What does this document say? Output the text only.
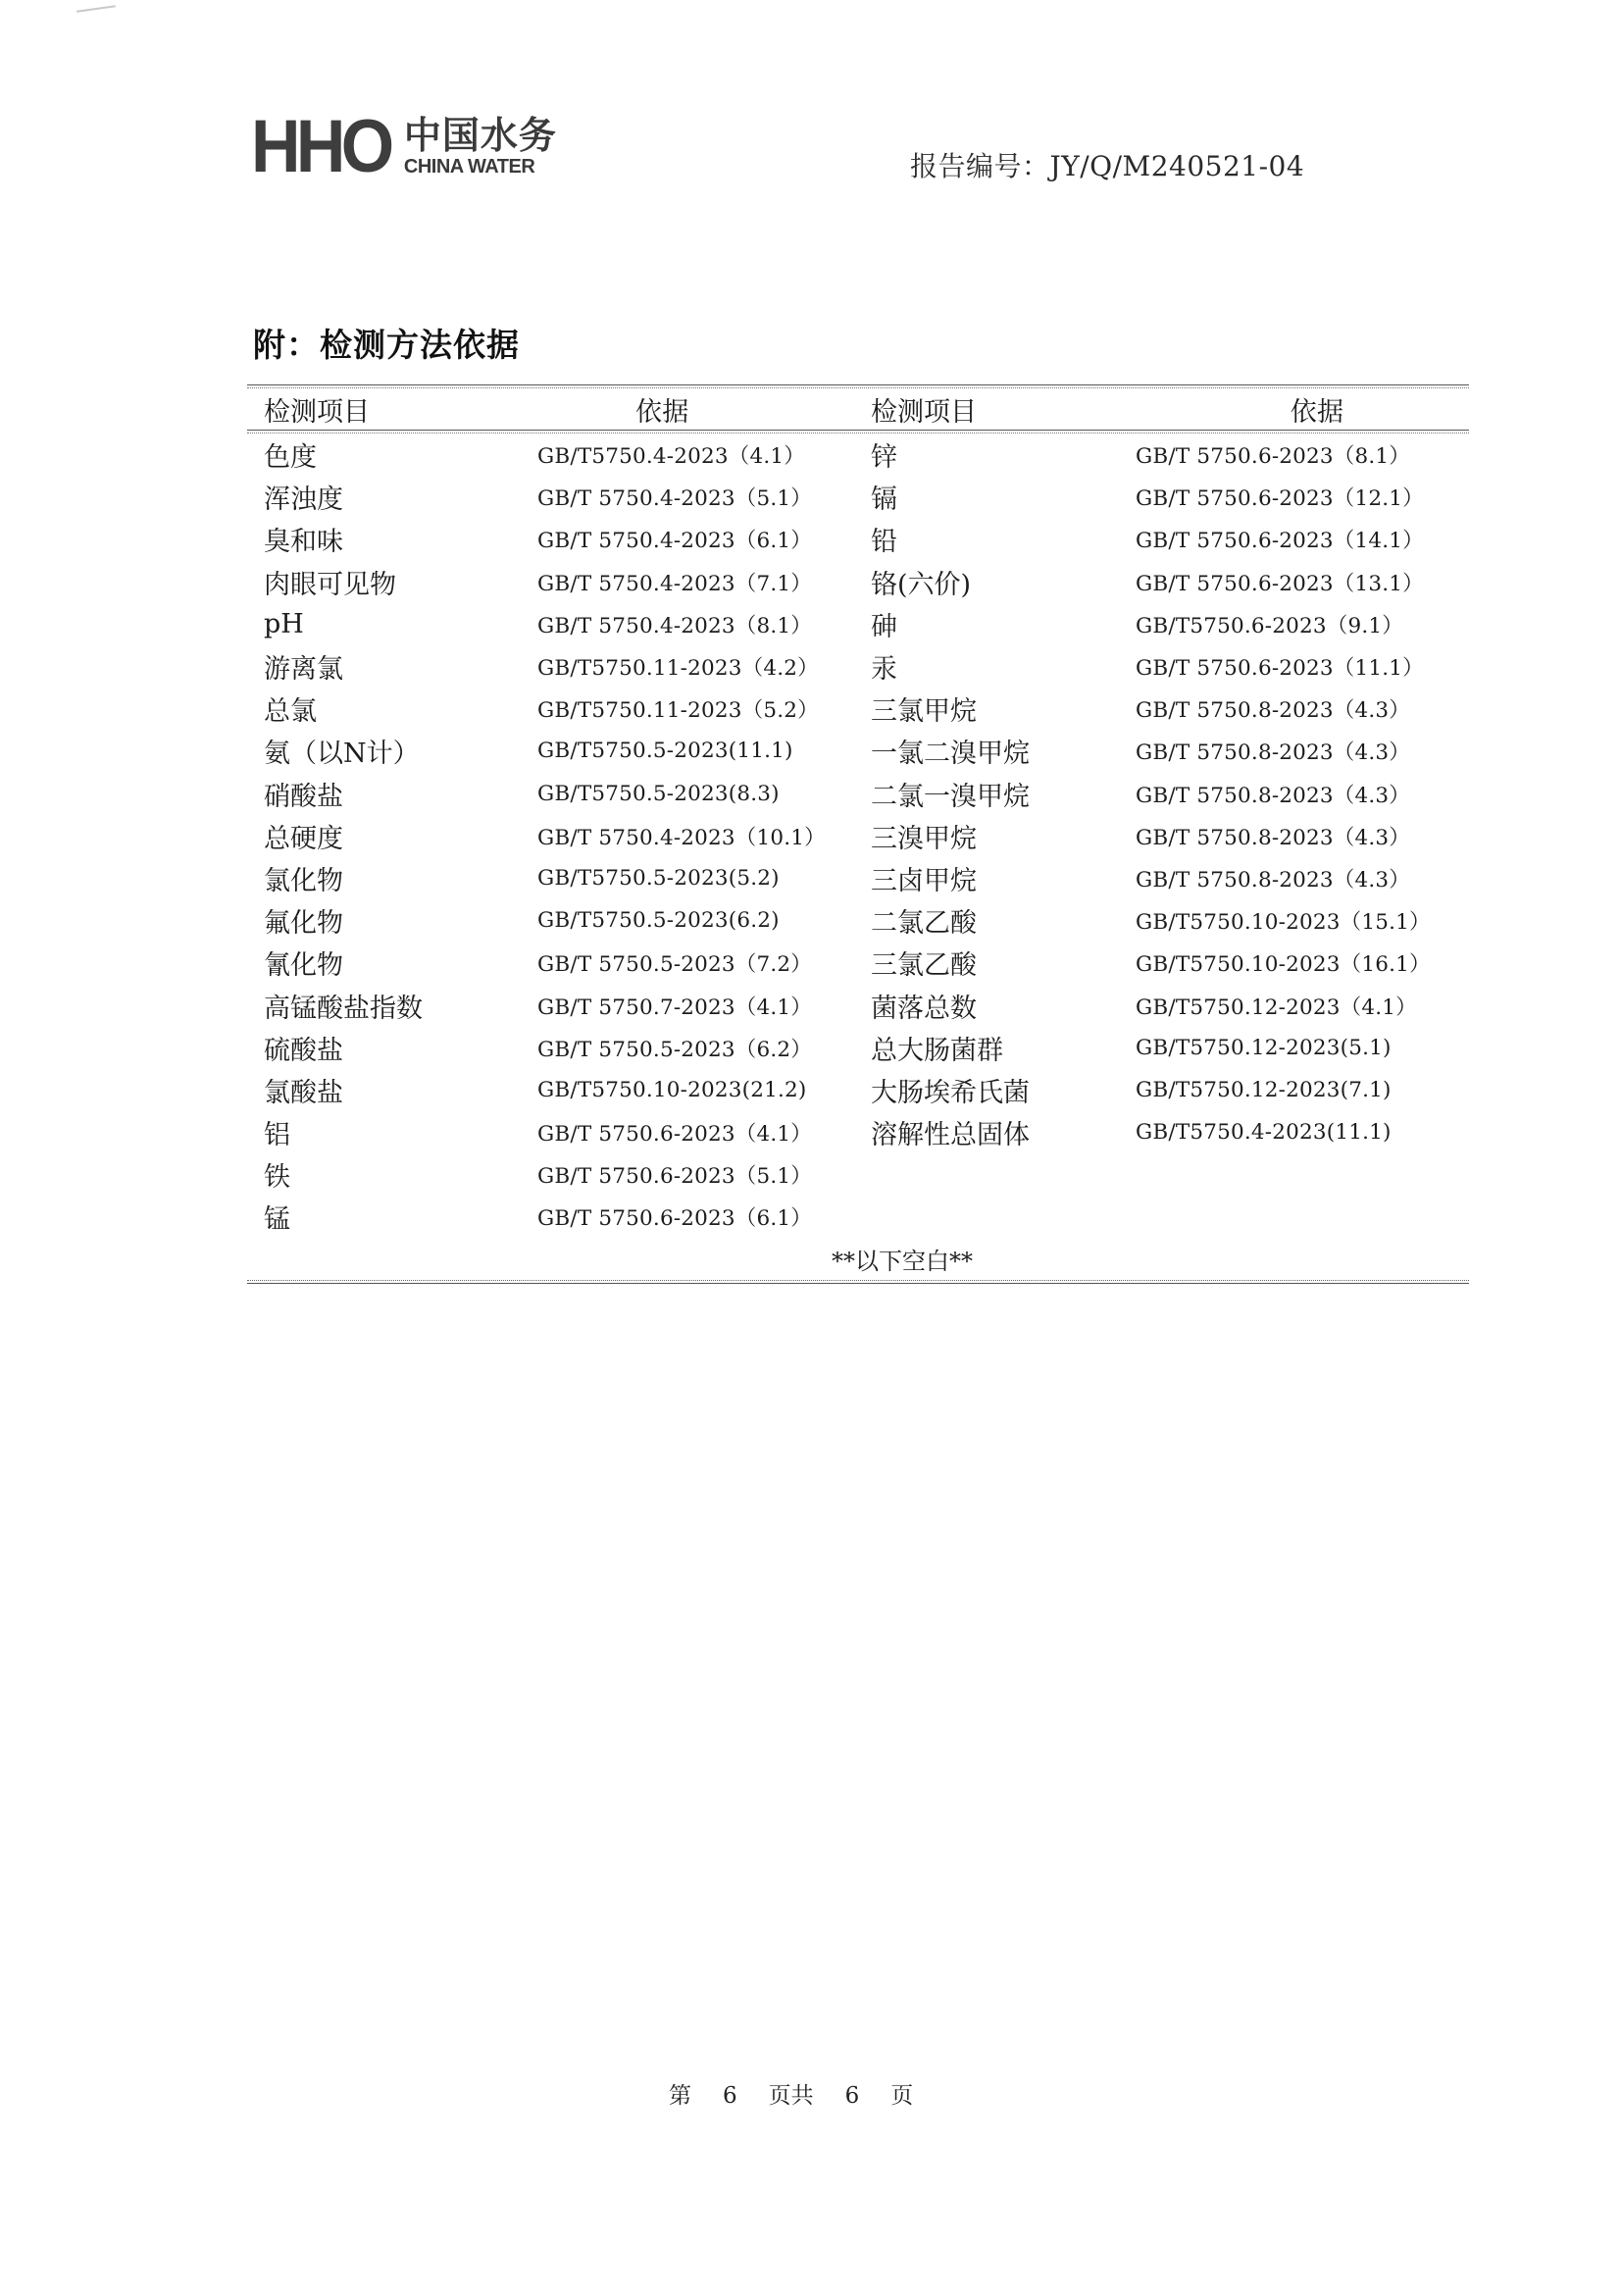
HHO 中国水务
CHINA WATER	报告编号：JY/Q/M240521-04
附：检测方法依据
检测项目	依据	检测项目	依据
色度	GB/T5750.4-2023（4.1）	锌	GB/T 5750.6-2023（8.1）
浑浊度	GB/T 5750.4-2023（5.1）	镉	GB/T 5750.6-2023（12.1）
臭和味	GB/T 5750.4-2023（6.1）	铅	GB/T 5750.6-2023（14.1）
肉眼可见物	GB/T 5750.4-2023（7.1）	铬(六价)	GB/T 5750.6-2023（13.1）
pH	GB/T 5750.4-2023（8.1）	砷	GB/T5750.6-2023（9.1）
游离氯	GB/T5750.11-2023（4.2）	汞	GB/T 5750.6-2023（11.1）
总氯	GB/T5750.11-2023（5.2）	三氯甲烷	GB/T 5750.8-2023（4.3）
氨（以N计）	GB/T5750.5-2023(11.1)	一氯二溴甲烷	GB/T 5750.8-2023（4.3）
硝酸盐	GB/T5750.5-2023(8.3)	二氯一溴甲烷	GB/T 5750.8-2023（4.3）
总硬度	GB/T 5750.4-2023（10.1）	三溴甲烷	GB/T 5750.8-2023（4.3）
氯化物	GB/T5750.5-2023(5.2)	三卤甲烷	GB/T 5750.8-2023（4.3）
氟化物	GB/T5750.5-2023(6.2)	二氯乙酸	GB/T5750.10-2023（15.1）
氰化物	GB/T 5750.5-2023（7.2）	三氯乙酸	GB/T5750.10-2023（16.1）
高锰酸盐指数	GB/T 5750.7-2023（4.1）	菌落总数	GB/T5750.12-2023（4.1）
硫酸盐	GB/T 5750.5-2023（6.2）	总大肠菌群	GB/T5750.12-2023(5.1)
氯酸盐	GB/T5750.10-2023(21.2)	大肠埃希氏菌	GB/T5750.12-2023(7.1)
铝	GB/T 5750.6-2023（4.1）	溶解性总固体	GB/T5750.4-2023(11.1)
铁	GB/T 5750.6-2023（5.1）
锰	GB/T 5750.6-2023（6.1）
**以下空白**
第 6 页共 6 页
